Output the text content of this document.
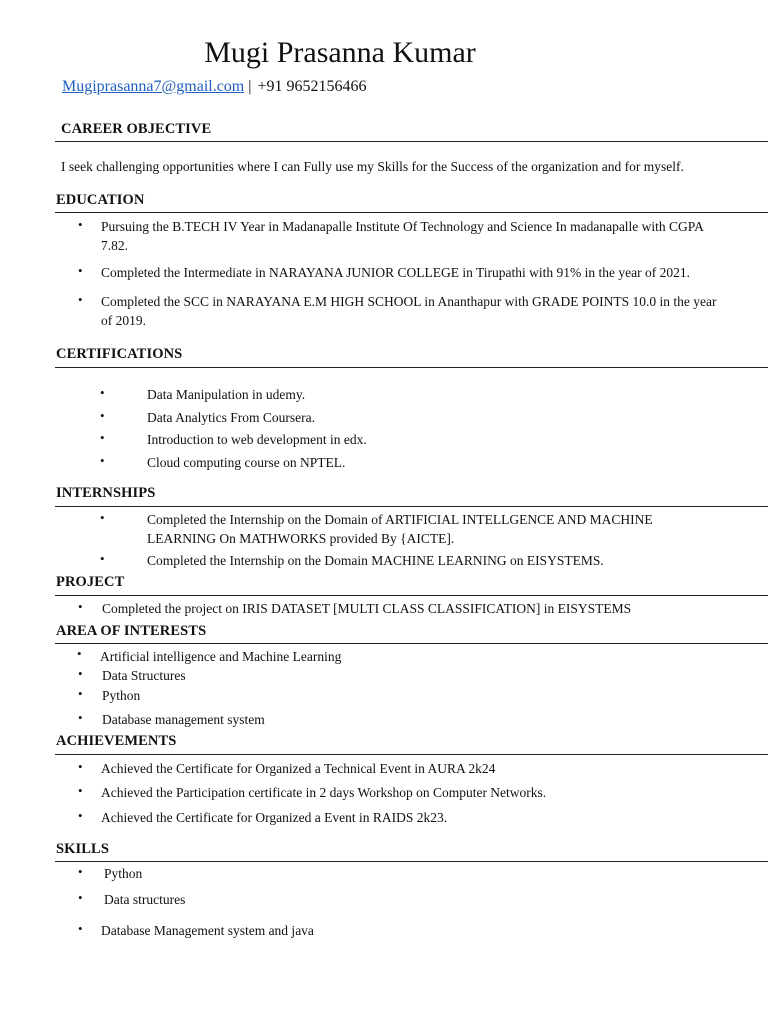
Mugi Prasanna Kumar
Mugiprasanna7@gmail.com | +91 9652156466
CAREER OBJECTIVE
I seek challenging opportunities where I can Fully use my Skills for the Success of the organization and for myself.
EDUCATION
• Pursuing the B.TECH IV Year in Madanapalle Institute Of Technology and Science In madanapalle with CGPA 7.82.
• Completed the Intermediate in NARAYANA JUNIOR COLLEGE in Tirupathi with 91% in the year of 2021.
• Completed the SCC in NARAYANA E.M HIGH SCHOOL in Ananthapur with GRADE POINTS 10.0 in the year of 2019.
CERTIFICATIONS
•	Data Manipulation in udemy.
•	Data Analytics From Coursera.
•	Introduction to web development in edx.
•	Cloud computing course on NPTEL.
INTERNSHIPS
•	Completed the Internship on the Domain of ARTIFICIAL INTELLGENCE AND MACHINE LEARNING On MATHWORKS provided By {AICTE].
•	Completed the Internship on the Domain MACHINE LEARNING on EISYSTEMS.
PROJECT
• Completed the project on IRIS DATASET [MULTI CLASS CLASSIFICATION] in EISYSTEMS
AREA OF INTERESTS
• Artificial intelligence and Machine Learning
• Data Structures
• Python
• Database management system
ACHIEVEMENTS
• Achieved the Certificate for Organized a Technical Event in AURA 2k24
• Achieved the Participation certificate in 2 days Workshop on Computer Networks.
• Achieved the Certificate for Organized a Event in RAIDS 2k23.
SKILLS
• Python
• Data structures
• Database Management system and java
